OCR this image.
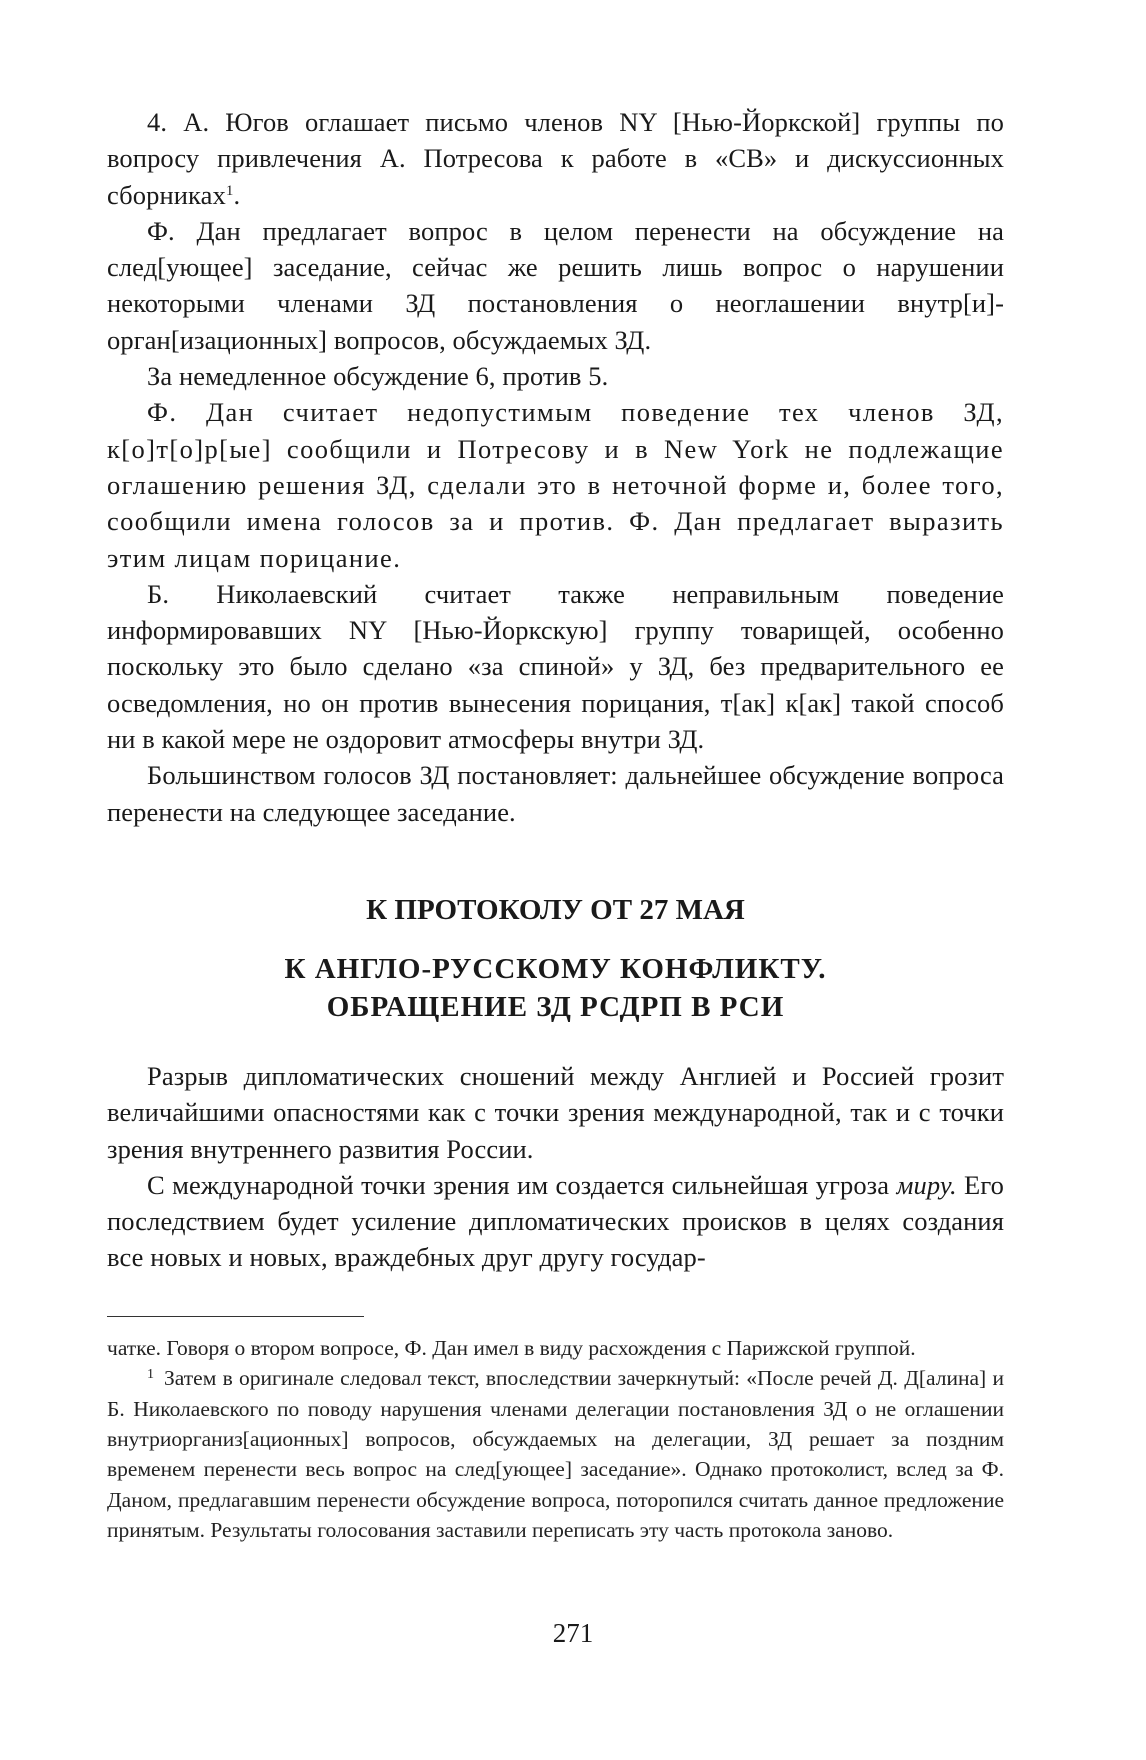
4. А. Югов оглашает письмо членов NY [Нью-Йоркской] группы по вопросу привлечения А. Потресова к работе в «СВ» и дискуссионных сборниках$^1$.

Ф. Дан предлагает вопрос в целом перенести на обсуждение на след[ующее] заседание, сейчас же решить лишь вопрос о нарушении некоторыми членами ЗД постановления о неоглашении внутр[и]-орган[изационных] вопросов, обсуждаемых ЗД.

За немедленное обсуждение 6, против 5.

Ф. Дан считает недопустимым поведение тех членов ЗД, к[о]т[о]р[ые] сообщили и Потресову и в New York не подлежащие оглашению решения ЗД, сделали это в неточной форме и, более того, сообщили имена голосов за и против. Ф. Дан предлагает выразить этим лицам порицание.

Б. Николаевский считает также неправильным поведение информировавших NY [Нью-Йоркскую] группу товарищей, особенно поскольку это было сделано «за спиной» у ЗД, без предварительного ее осведомления, но он против вынесения порицания, т[ак] к[ак] такой способ ни в какой мере не оздоровит атмосферы внутри ЗД.

Большинством голосов ЗД постановляет: дальнейшее обсуждение вопроса перенести на следующее заседание.

К ПРОТОКОЛУ ОТ 27 МАЯ
К АНГЛО-РУССКОМУ КОНФЛИКТУ.
ОБРАЩЕНИЕ ЗД РСДРП В РСИ

Разрыв дипломатических сношений между Англией и Россией грозит величайшими опасностями как с точки зрения международной, так и с точки зрения внутреннего развития России.

С международной точки зрения им создается сильнейшая угроза миру. Его последствием будет усиление дипломатических происков в целях создания все новых и новых, враждебных друг другу государ-

чатке. Говоря о втором вопросе, Ф. Дан имел в виду расхождения с Парижской группой.

$^1$ Затем в оригинале следовал текст, впоследствии зачеркнутый: «После речей Д. Д[алина] и Б. Николаевского по поводу нарушения членами делегации постановления ЗД о не оглашении внутриорганиз[ационных] вопросов, обсуждаемых на делегации, ЗД решает за поздним временем перенести весь вопрос на след[ующее] заседание». Однако протоколист, вслед за Ф. Даном, предлагавшим перенести обсуждение вопроса, поторопился считать данное предложение принятым. Результаты голосования заставили переписать эту часть протокола заново.

271
